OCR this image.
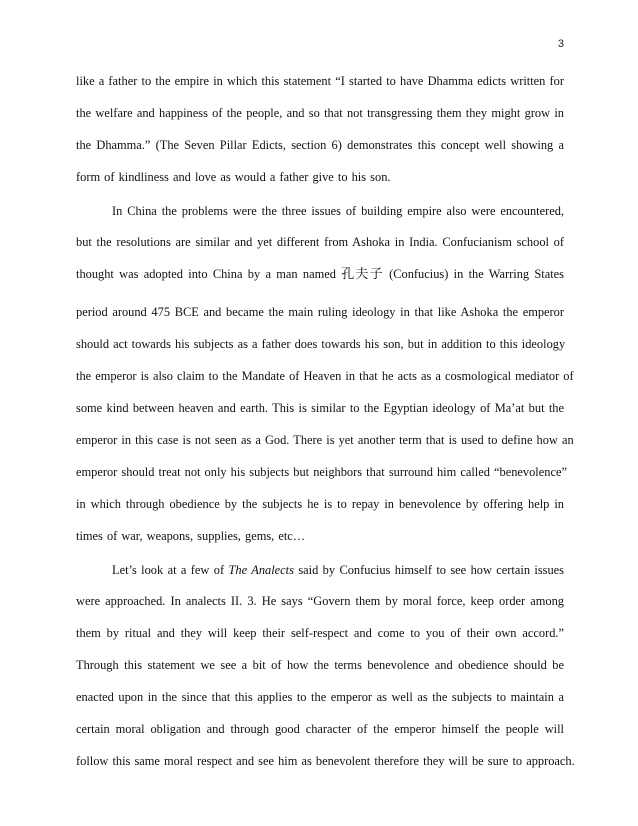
3
like a father to the empire in which this statement “I started to have Dhamma edicts written for
the welfare and happiness of the people, and so that not transgressing them they might grow in
the Dhamma.” (The Seven Pillar Edicts, section 6) demonstrates this concept well showing a
form of kindliness and love as would a father give to his son.
In China the problems were the three issues of building empire also were encountered,
but the resolutions are similar and yet different from Ashoka in India. Confucianism school of
thought was adopted into China by a man named 孔夫子 (Confucius) in the Warring States
period around 475 BCE and became the main ruling ideology in that like Ashoka the emperor
should act towards his subjects as a father does towards his son, but in addition to this ideology
the emperor is also claim to the Mandate of Heaven in that he acts as a cosmological mediator of
some kind between heaven and earth. This is similar to the Egyptian ideology of Ma’at but the
emperor in this case is not seen as a God. There is yet another term that is used to define how an
emperor should treat not only his subjects but neighbors that surround him called “benevolence”
in which through obedience by the subjects he is to repay in benevolence by offering help in
times of war, weapons, supplies, gems, etc…
Let’s look at a few of The Analects said by Confucius himself to see how certain issues
were approached. In analects II. 3. He says “Govern them by moral force, keep order among
them by ritual and they will keep their self-respect and come to you of their own accord.”
Through this statement we see a bit of how the terms benevolence and obedience should be
enacted upon in the since that this applies to the emperor as well as the subjects to maintain a
certain moral obligation and through good character of the emperor himself the people will
follow this same moral respect and see him as benevolent therefore they will be sure to approach.
